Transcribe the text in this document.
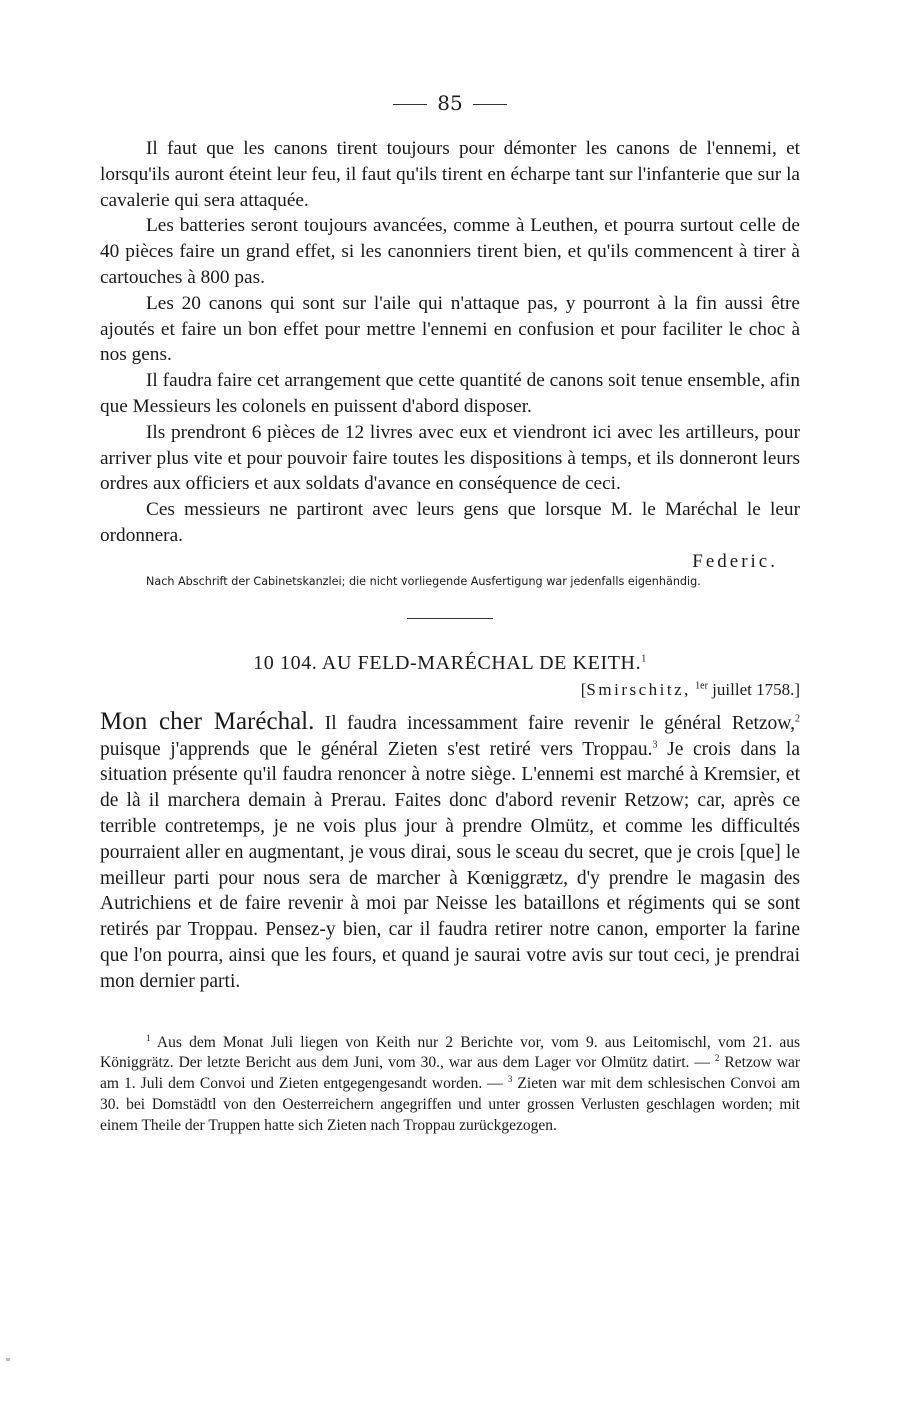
85

Il faut que les canons tirent toujours pour démonter les canons de l'ennemi, et lorsqu'ils auront éteint leur feu, il faut qu'ils tirent en écharpe tant sur l'infanterie que sur la cavalerie qui sera attaquée.

Les batteries seront toujours avancées, comme à Leuthen, et pourra surtout celle de 40 pièces faire un grand effet, si les canonniers tirent bien, et qu'ils commencent à tirer à cartouches à 800 pas.

Les 20 canons qui sont sur l'aile qui n'attaque pas, y pourront à la fin aussi être ajoutés et faire un bon effet pour mettre l'ennemi en confusion et pour faciliter le choc à nos gens.

Il faudra faire cet arrangement que cette quantité de canons soit tenue ensemble, afin que Messieurs les colonels en puissent d'abord disposer.

Ils prendront 6 pièces de 12 livres avec eux et viendront ici avec les artilleurs, pour arriver plus vite et pour pouvoir faire toutes les dispositions à temps, et ils donneront leurs ordres aux officiers et aux soldats d'avance en conséquence de ceci.

Ces messieurs ne partiront avec leurs gens que lorsque M. le Maréchal le leur ordonnera.

Federic.
Nach Abschrift der Cabinetskanzlei; die nicht vorliegende Ausfertigung war jedenfalls eigenhändig.
10 104. AU FELD-MARÉCHAL DE KEITH.$^1$
[Smirschitz, $^{1er}$ juillet 1758.]
Mon cher Maréchal. Il faudra incessamment faire revenir le général Retzow,$^2$ puisque j'apprends que le général Zieten s'est retiré vers Troppau.$^3$ Je crois dans la situation présente qu'il faudra renoncer à notre siège. L'ennemi est marché à Kremsier, et de là il marchera demain à Prerau. Faites donc d'abord revenir Retzow; car, après ce terrible contretemps, je ne vois plus jour à prendre Olmütz, et comme les difficultés pourraient aller en augmentant, je vous dirai, sous le sceau du secret, que je crois [que] le meilleur parti pour nous sera de marcher à Kœniggrætz, d'y prendre le magasin des Autrichiens et de faire revenir à moi par Neisse les bataillons et régiments qui se sont retirés par Troppau. Pensez-y bien, car il faudra retirer notre canon, emporter la farine que l'on pourra, ainsi que les fours, et quand je saurai votre avis sur tout ceci, je prendrai mon dernier parti.
$^1$ Aus dem Monat Juli liegen von Keith nur 2 Berichte vor, vom 9. aus Leitomischl, vom 21. aus Königgrätz. Der letzte Bericht aus dem Juni, vom 30., war aus dem Lager vor Olmütz datirt. — $^2$ Retzow war am 1. Juli dem Convoi und Zieten entgegengesandt worden. — $^3$ Zieten war mit dem schlesischen Convoi am 30. bei Domstädtl von den Oesterreichern angegriffen und unter grossen Verlusten geschlagen worden; mit einem Theile der Truppen hatte sich Zieten nach Troppau zurückgezogen.
